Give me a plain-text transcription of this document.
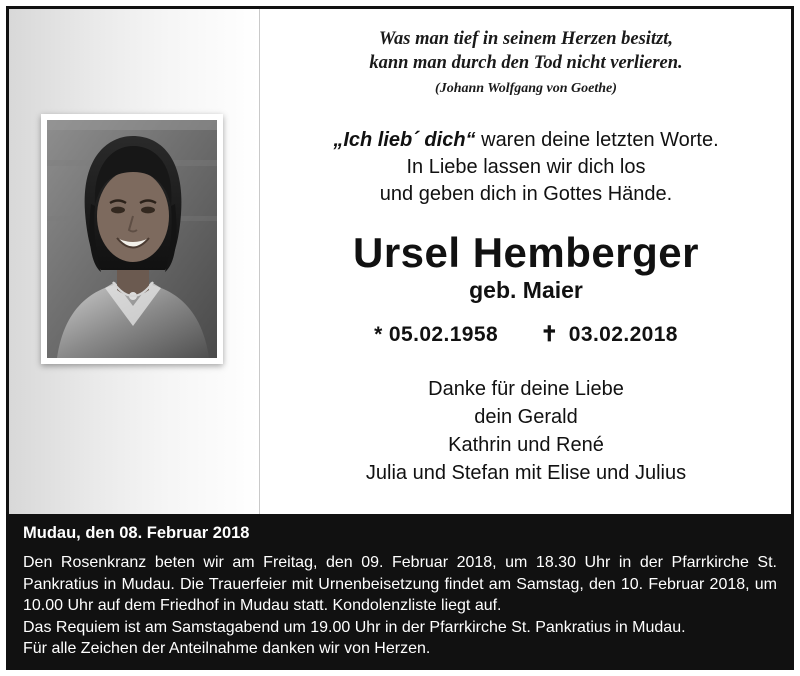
Was man tief in seinem Herzen besitzt,
kann man durch den Tod nicht verlieren.
(Johann Wolfgang von Goethe)
„Ich lieb´ dich“ waren deine letzten Worte.
In Liebe lassen wir dich los
und geben dich in Gottes Hände.
Ursel Hemberger
geb. Maier
* 05.02.1958 ✝ 03.02.2018
Danke für deine Liebe
dein Gerald
Kathrin und René
Julia und Stefan mit Elise und Julius
Mudau, den 08. Februar 2018

Den Rosenkranz beten wir am Freitag, den 09. Februar 2018, um 18.30 Uhr in der Pfarrkirche St. Pankratius in Mudau. Die Trauerfeier mit Urnenbeisetzung findet am Samstag, den 10. Februar 2018, um 10.00 Uhr auf dem Friedhof in Mudau statt. Kondolenzliste liegt auf.

Das Requiem ist am Samstagabend um 19.00 Uhr in der Pfarrkirche St. Pankratius in Mudau.

Für alle Zeichen der Anteilnahme danken wir von Herzen.
